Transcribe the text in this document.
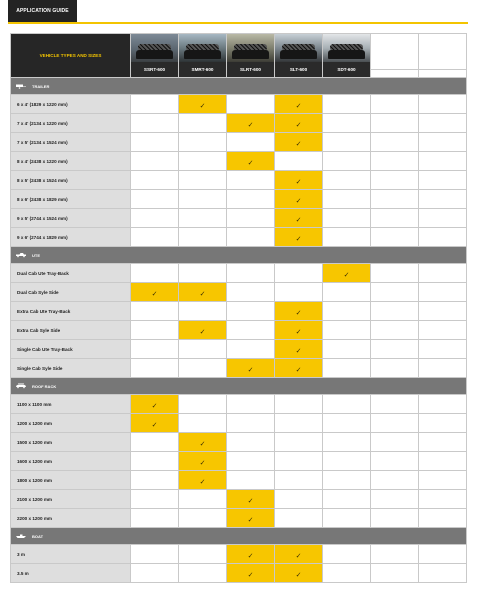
APPLICATION GUIDE
VEHICLE TYPES AND SIZES	SSRT-600	SMRT-600	SLRT-600	SLT-600	SDT-600		

TRAILER							

6 x 4' (1829 x 1220 mm)		✓		✓			
7 x 4' (2134 x 1220 mm)			✓	✓			
7 x 5' (2134 x 1524 mm)				✓			
8 x 4' (2438 x 1220 mm)			✓				
8 x 5' (2438 x 1524 mm)				✓			
8 x 6' (2438 x 1829 mm)				✓			
9 x 5' (2744 x 1524 mm)				✓			
9 x 6' (2744 x 1829 mm)				✓			

UTE							

Dual Cab Ute Tray-Back					✓		
Dual Cab Syle Side	✓	✓					
Extra Cab Ute Tray-Back				✓			
Extra Cab Syle Side		✓		✓			
Single Cab Ute Tray-Back				✓			
Single Cab Syle Side			✓	✓			

ROOF RACK							

1100 x 1100 mm	✓						
1200 x 1200 mm	✓						
1500 x 1200 mm		✓					
1600 x 1200 mm		✓					
1800 x 1200 mm		✓					
2100 x 1200 mm			✓				
2200 x 1200 mm			✓				

BOAT							

3 m			✓	✓			
3.5 m			✓	✓			
